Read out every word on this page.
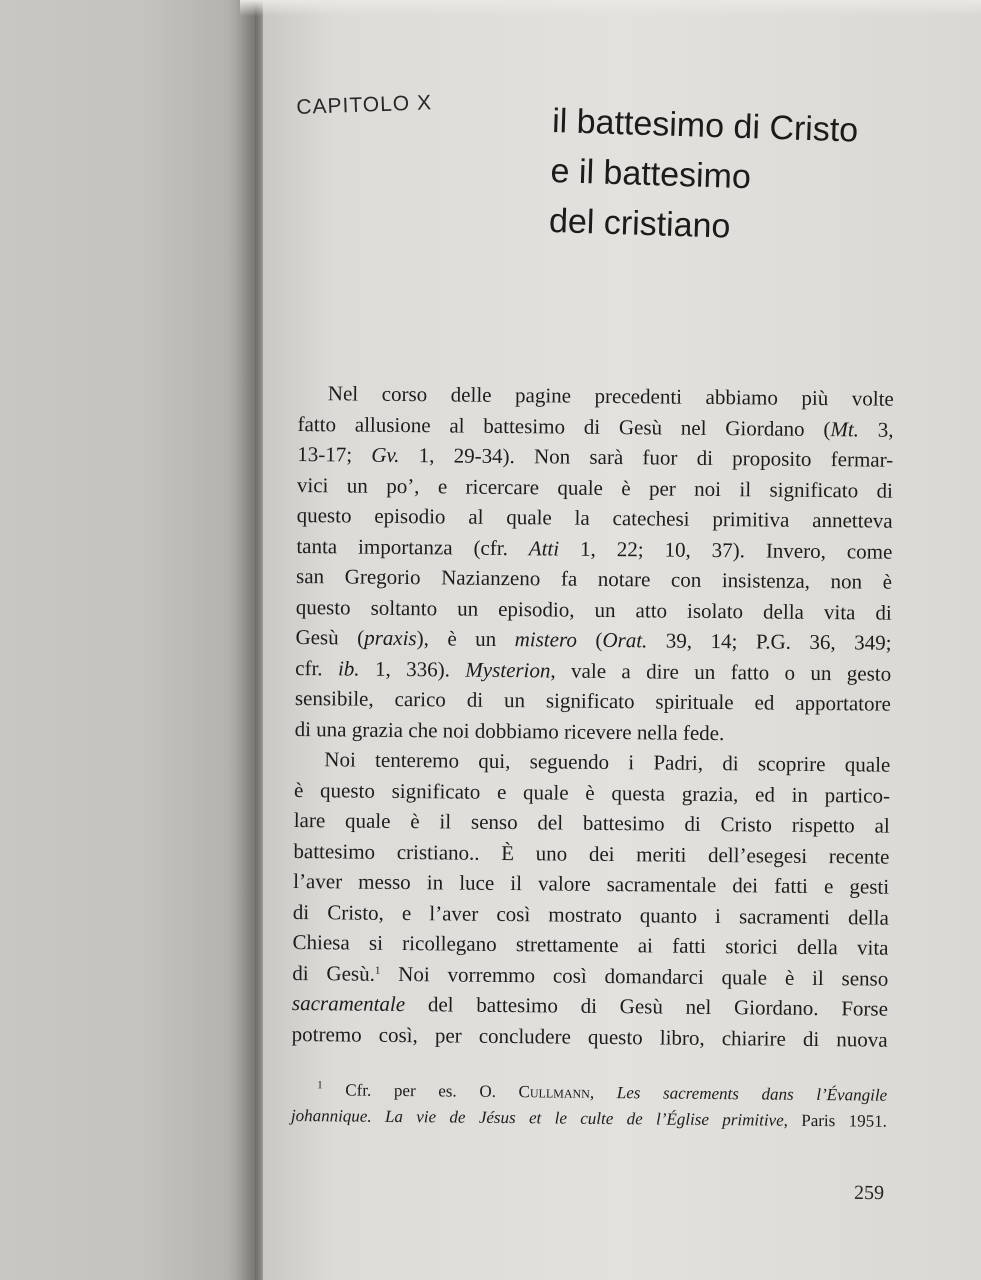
CAPITOLO X	il battesimo di Cristo
e il battesimo
del cristiano

Nel corso delle pagine precedenti abbiamo più volte
fatto allusione al battesimo di Gesù nel Giordano (Mt. 3,
13-17; Gv. 1, 29-34). Non sarà fuor di proposito fermar-
vici un po’, e ricercare quale è per noi il significato di
questo episodio al quale la catechesi primitiva annetteva
tanta importanza (cfr. Atti 1, 22; 10, 37). Invero, come
san Gregorio Nazianzeno fa notare con insistenza, non è
questo soltanto un episodio, un atto isolato della vita di
Gesù (praxis), è un mistero (Orat. 39, 14; P.G. 36, 349;
cfr. ib. 1, 336). Mysterion, vale a dire un fatto o un gesto
sensibile, carico di un significato spirituale ed apportatore
di una grazia che noi dobbiamo ricevere nella fede.

Noi tenteremo qui, seguendo i Padri, di scoprire quale
è questo significato e quale è questa grazia, ed in partico-
lare quale è il senso del battesimo di Cristo rispetto al
battesimo cristiano.. È uno dei meriti dell’esegesi recente
l’aver messo in luce il valore sacramentale dei fatti e gesti
di Cristo, e l’aver così mostrato quanto i sacramenti della
Chiesa si ricollegano strettamente ai fatti storici della vita
di Gesù.$^1$ Noi vorremmo così domandarci quale è il senso
sacramentale del battesimo di Gesù nel Giordano. Forse
potremo così, per concludere questo libro, chiarire di nuova

$^1$ Cfr. per es. O. Cullmann, Les sacrements dans l’Évangile
johannique. La vie de Jésus et le culte de l’Église primitive, Paris 1951.
259
